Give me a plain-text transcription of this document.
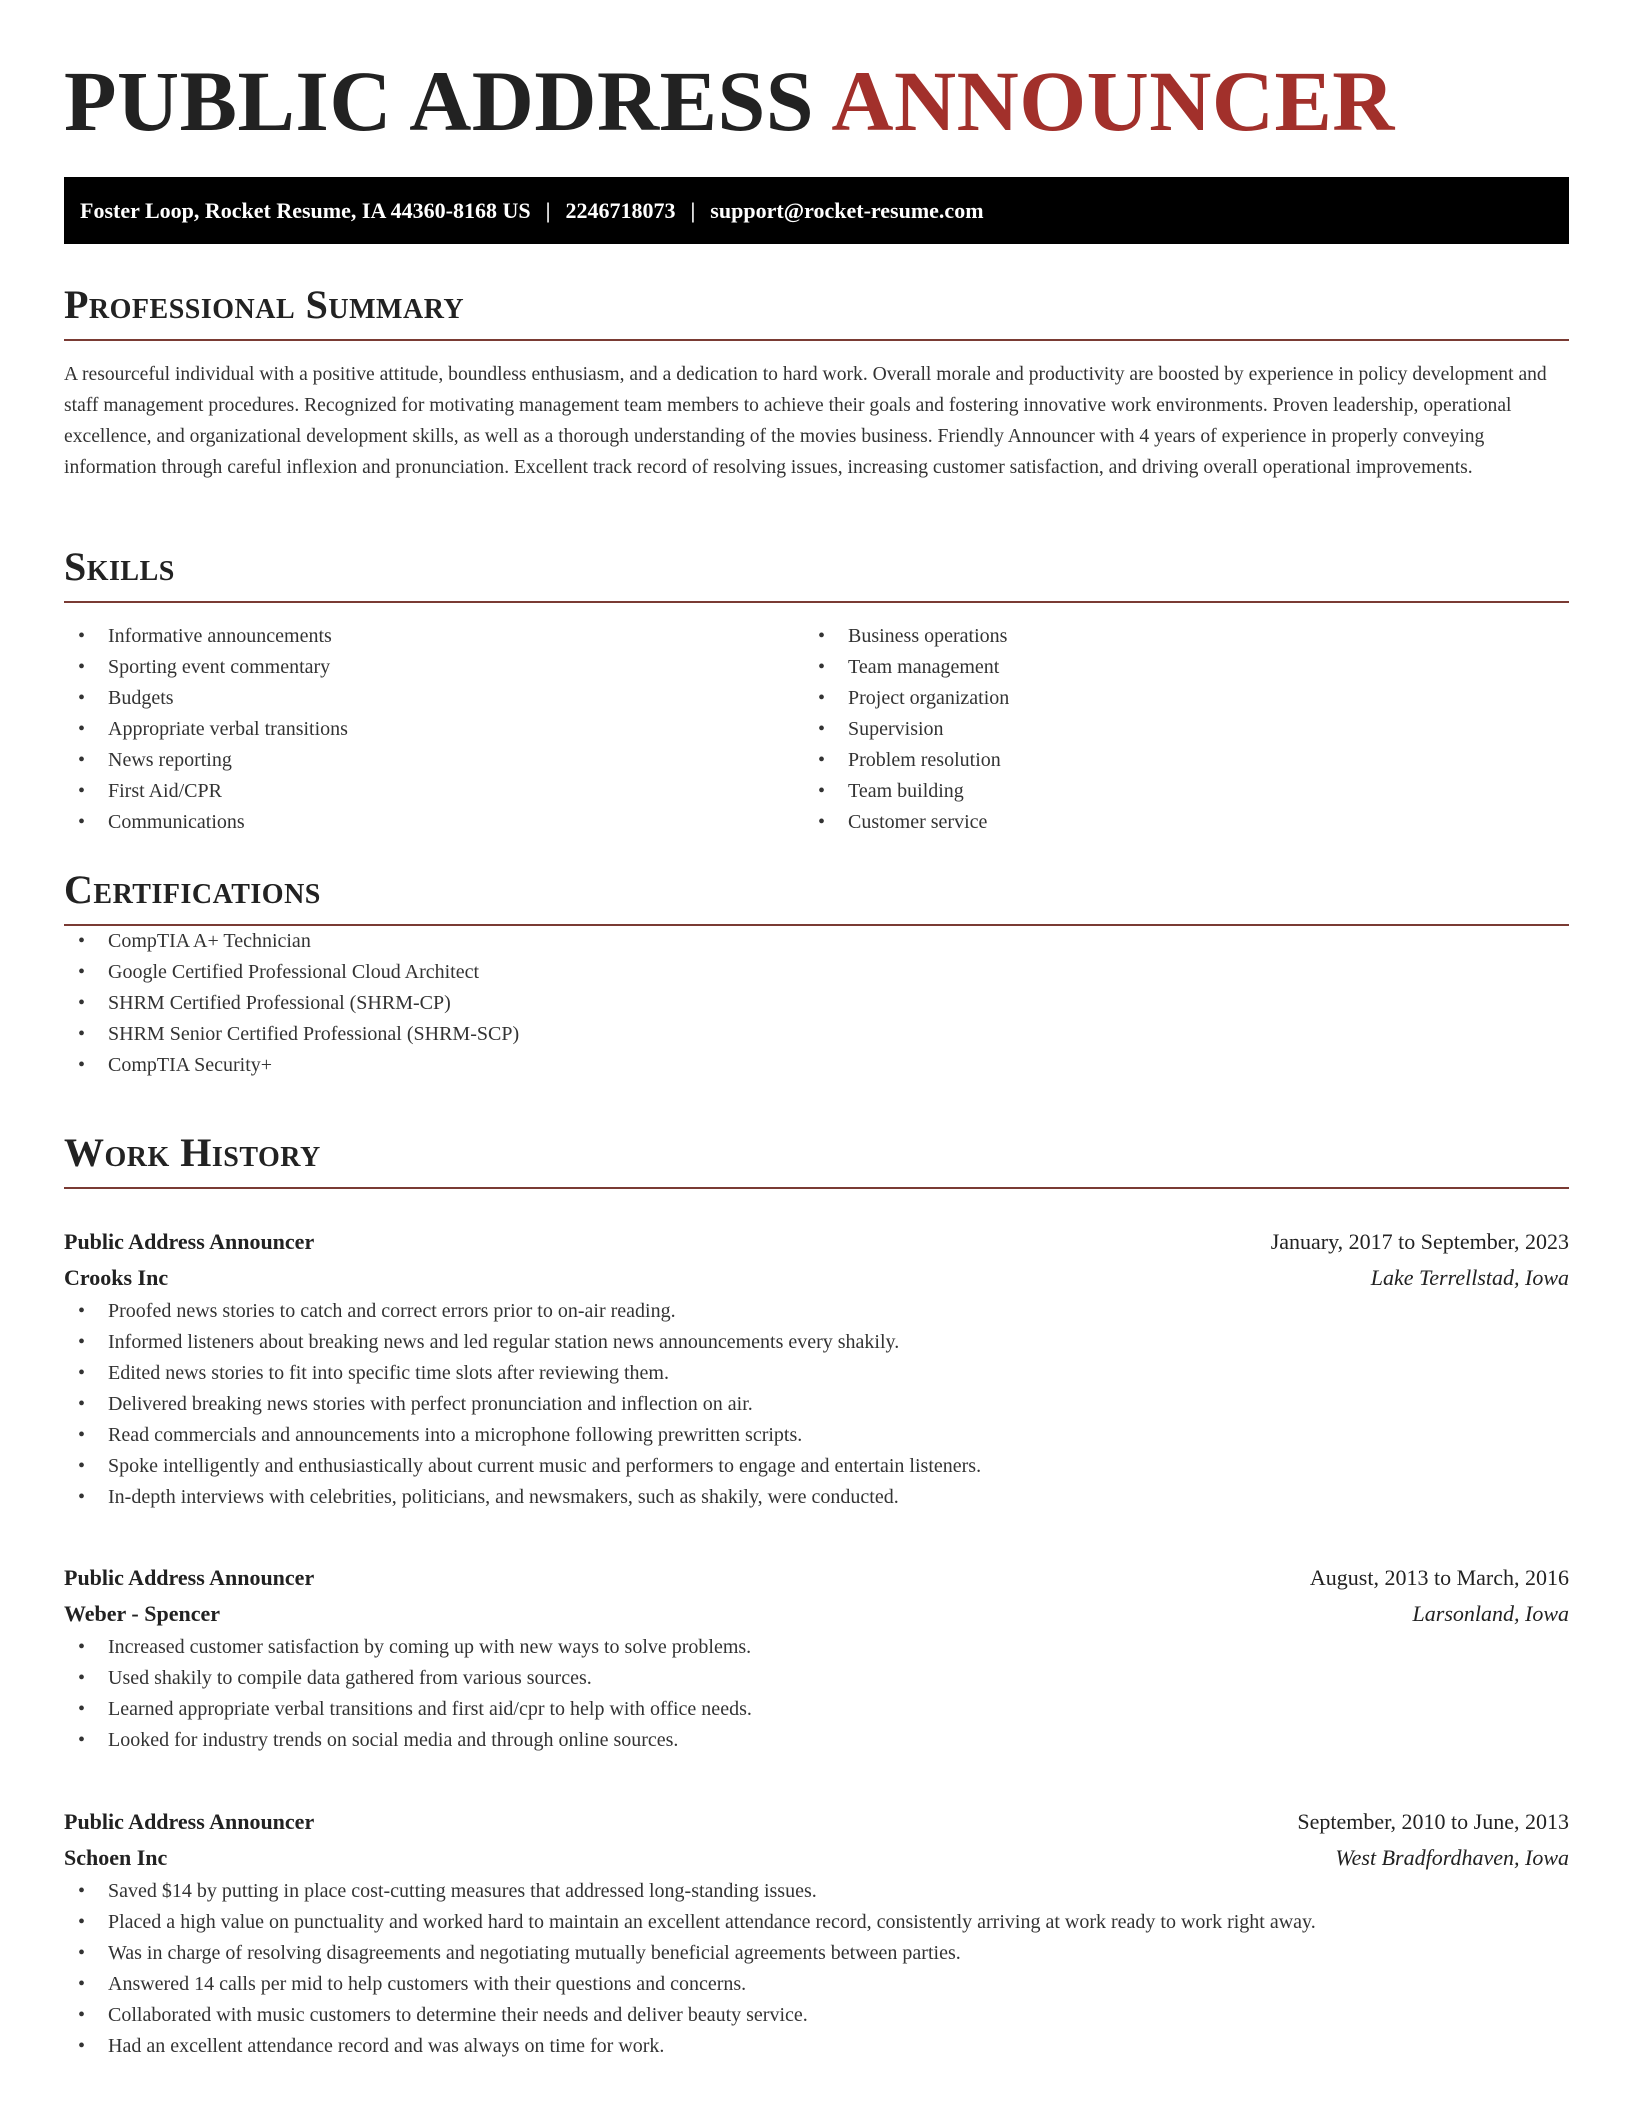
PUBLIC ADDRESS ANNOUNCER
Foster Loop, Rocket Resume, IA 44360-8168 US | 2246718073 | support@rocket-resume.com
Professional Summary

A resourceful individual with a positive attitude, boundless enthusiasm, and a dedication to hard work. Overall morale and productivity are boosted by experience in policy development and staff management procedures. Recognized for motivating management team members to achieve their goals and fostering innovative work environments. Proven leadership, operational excellence, and organizational development skills, as well as a thorough understanding of the movies business. Friendly Announcer with 4 years of experience in properly conveying information through careful inflexion and pronunciation. Excellent track record of resolving issues, increasing customer satisfaction, and driving overall operational improvements.

Skills
• Informative announcements
• Sporting event commentary
• Budgets
• Appropriate verbal transitions
• News reporting
• First Aid/CPR
• Communications
• Business operations
• Team management
• Project organization
• Supervision
• Problem resolution
• Team building
• Customer service
Certifications
• CompTIA A+ Technician
• Google Certified Professional Cloud Architect
• SHRM Certified Professional (SHRM-CP)
• SHRM Senior Certified Professional (SHRM-SCP)
• CompTIA Security+
Work History
Public Address Announcer	January, 2017 to September, 2023
Crooks Inc	Lake Terrellstad, Iowa
• Proofed news stories to catch and correct errors prior to on-air reading.
• Informed listeners about breaking news and led regular station news announcements every shakily.
• Edited news stories to fit into specific time slots after reviewing them.
• Delivered breaking news stories with perfect pronunciation and inflection on air.
• Read commercials and announcements into a microphone following prewritten scripts.
• Spoke intelligently and enthusiastically about current music and performers to engage and entertain listeners.
• In-depth interviews with celebrities, politicians, and newsmakers, such as shakily, were conducted.
Public Address Announcer	August, 2013 to March, 2016
Weber - Spencer	Larsonland, Iowa
• Increased customer satisfaction by coming up with new ways to solve problems.
• Used shakily to compile data gathered from various sources.
• Learned appropriate verbal transitions and first aid/cpr to help with office needs.
• Looked for industry trends on social media and through online sources.
Public Address Announcer	September, 2010 to June, 2013
Schoen Inc	West Bradfordhaven, Iowa
• Saved $14 by putting in place cost-cutting measures that addressed long-standing issues.
• Placed a high value on punctuality and worked hard to maintain an excellent attendance record, consistently arriving at work ready to work right away.
• Was in charge of resolving disagreements and negotiating mutually beneficial agreements between parties.
• Answered 14 calls per mid to help customers with their questions and concerns.
• Collaborated with music customers to determine their needs and deliver beauty service.
• Had an excellent attendance record and was always on time for work.
